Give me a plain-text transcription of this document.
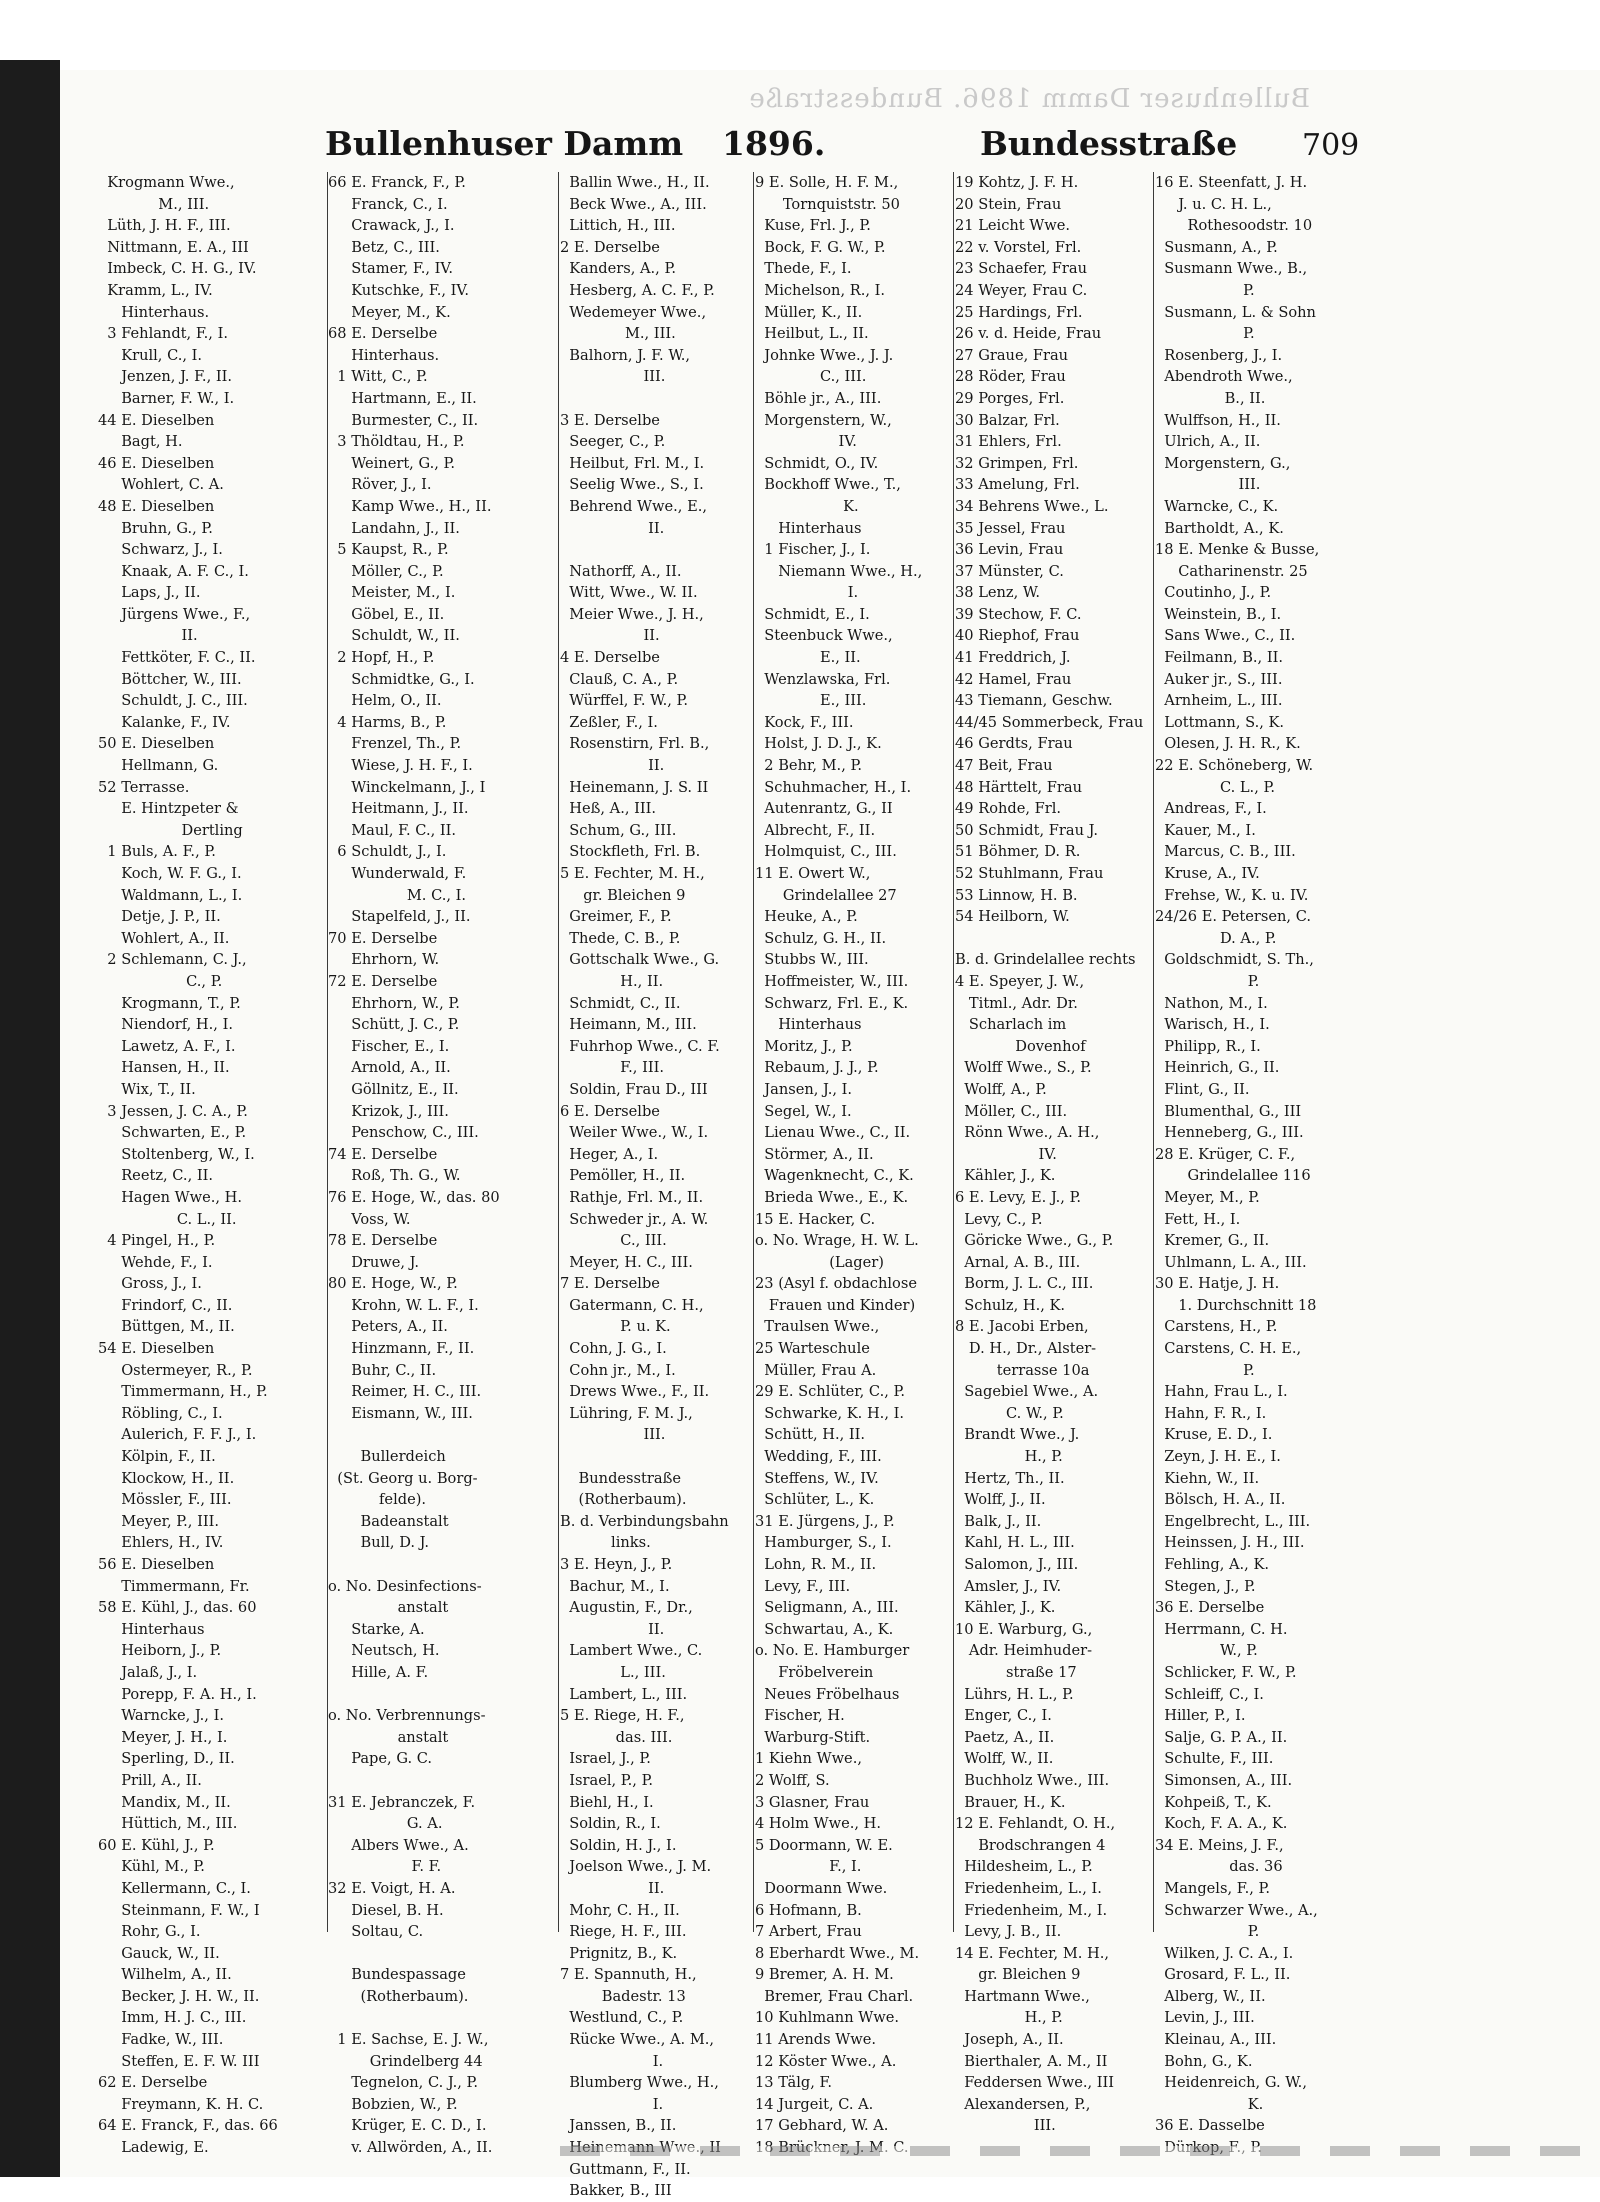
Bullenhuser Damm 1896. Bundesstraße
Bullenhuser Damm 1896.	Bundesstraße 709
Krogmann Wwe.,
M., III.
Lüth, J. H. F., III.
Nittmann, E. A., III
Imbeck, C. H. G., IV.
Kramm, L., IV.
Hinterhaus.
3 Fehlandt, F., I.
Krull, C., I.
Jenzen, J. F., II.
Barner, F. W., I.
44 E. Dieselben
Bagt, H.
46 E. Dieselben
Wohlert, C. A.
48 E. Dieselben
Bruhn, G., P.
Schwarz, J., I.
Knaak, A. F. C., I.
Laps, J., II.
Jürgens Wwe., F.,
II.
Fettköter, F. C., II.
Böttcher, W., III.
Schuldt, J. C., III.
Kalanke, F., IV.
50 E. Dieselben
Hellmann, G.
52 Terrasse.
E. Hintzpeter &
Dertling
1 Buls, A. F., P.
Koch, W. F. G., I.
Waldmann, L., I.
Detje, J. P., II.
Wohlert, A., II.
2 Schlemann, C. J.,
C., P.
Krogmann, T., P.
Niendorf, H., I.
Lawetz, A. F., I.
Hansen, H., II.
Wix, T., II.
3 Jessen, J. C. A., P.
Schwarten, E., P.
Stoltenberg, W., I.
Reetz, C., II.
Hagen Wwe., H.
C. L., II.
4 Pingel, H., P.
Wehde, F., I.
Gross, J., I.
Frindorf, C., II.
Büttgen, M., II.
54 E. Dieselben
Ostermeyer, R., P.
Timmermann, H., P.
Röbling, C., I.
Aulerich, F. F. J., I.
Kölpin, F., II.
Klockow, H., II.
Mössler, F., III.
Meyer, P., III.
Ehlers, H., IV.
56 E. Dieselben
Timmermann, Fr.
58 E. Kühl, J., das. 60
Hinterhaus
Heiborn, J., P.
Jalaß, J., I.
Porepp, F. A. H., I.
Warncke, J., I.
Meyer, J. H., I.
Sperling, D., II.
Prill, A., II.
Mandix, M., II.
Hüttich, M., III.
60 E. Kühl, J., P.
Kühl, M., P.
Kellermann, C., I.
Steinmann, F. W., I
Rohr, G., I.
Gauck, W., II.
Wilhelm, A., II.
Becker, J. H. W., II.
Imm, H. J. C., III.
Fadke, W., III.
Steffen, E. F. W. III
62 E. Derselbe
Freymann, K. H. C.
64 E. Franck, F., das. 66
Ladewig, E.
66 E. Franck, F., P.
Franck, C., I.
Crawack, J., I.
Betz, C., III.
Stamer, F., IV.
Kutschke, F., IV.
Meyer, M., K.
68 E. Derselbe
Hinterhaus.
1 Witt, C., P.
Hartmann, E., II.
Burmester, C., II.
3 Thöldtau, H., P.
Weinert, G., P.
Röver, J., I.
Kamp Wwe., H., II.
Landahn, J., II.
5 Kaupst, R., P.
Möller, C., P.
Meister, M., I.
Göbel, E., II.
Schuldt, W., II.
2 Hopf, H., P.
Schmidtke, G., I.
Helm, O., II.
4 Harms, B., P.
Frenzel, Th., P.
Wiese, J. H. F., I.
Winckelmann, J., I
Heitmann, J., II.
Maul, F. C., II.
6 Schuldt, J., I.
Wunderwald, F.
M. C., I.
Stapelfeld, J., II.
70 E. Derselbe
Ehrhorn, W.
72 E. Derselbe
Ehrhorn, W., P.
Schütt, J. C., P.
Fischer, E., I.
Arnold, A., II.
Göllnitz, E., II.
Krizok, J., III.
Penschow, C., III.
74 E. Derselbe
Roß, Th. G., W.
76 E. Hoge, W., das. 80
Voss, W.
78 E. Derselbe
Druwe, J.
80 E. Hoge, W., P.
Krohn, W. L. F., I.
Peters, A., II.
Hinzmann, F., II.
Buhr, C., II.
Reimer, H. C., III.
Eismann, W., III.
Bullerdeich
(St. Georg u. Borg-
felde).
Badeanstalt
Bull, D. J.
o. No. Desinfections-
anstalt
Starke, A.
Neutsch, H.
Hille, A. F.
o. No. Verbrennungs-
anstalt
Pape, G. C.
31 E. Jebranczek, F.
G. A.
Albers Wwe., A.
F. F.
32 E. Voigt, H. A.
Diesel, B. H.
Soltau, C.
Bundespassage
(Rotherbaum).
1 E. Sachse, E. J. W.,
Grindelberg 44
Tegnelon, C. J., P.
Bobzien, W., P.
Krüger, E. C. D., I.
v. Allwörden, A., II.
Ballin Wwe., H., II.
Beck Wwe., A., III.
Littich, H., III.
2 E. Derselbe
Kanders, A., P.
Hesberg, A. C. F., P.
Wedemeyer Wwe.,
M., III.
Balhorn, J. F. W.,
III.
3 E. Derselbe
Seeger, C., P.
Heilbut, Frl. M., I.
Seelig Wwe., S., I.
Behrend Wwe., E.,
II.
Nathorff, A., II.
Witt, Wwe., W. II.
Meier Wwe., J. H.,
II.
4 E. Derselbe
Clauß, C. A., P.
Würffel, F. W., P.
Zeßler, F., I.
Rosenstirn, Frl. B.,
II.
Heinemann, J. S. II
Heß, A., III.
Schum, G., III.
Stockfleth, Frl. B.
5 E. Fechter, M. H.,
gr. Bleichen 9
Greimer, F., P.
Thede, C. B., P.
Gottschalk Wwe., G.
H., II.
Schmidt, C., II.
Heimann, M., III.
Fuhrhop Wwe., C. F.
F., III.
Soldin, Frau D., III
6 E. Derselbe
Weiler Wwe., W., I.
Heger, A., I.
Pemöller, H., II.
Rathje, Frl. M., II.
Schweder jr., A. W.
C., III.
Meyer, H. C., III.
7 E. Derselbe
Gatermann, C. H.,
P. u. K.
Cohn, J. G., I.
Cohn jr., M., I.
Drews Wwe., F., II.
Lühring, F. M. J.,
III.
Bundesstraße
(Rotherbaum).
B. d. Verbindungsbahn
links.
3 E. Heyn, J., P.
Bachur, M., I.
Augustin, F., Dr.,
II.
Lambert Wwe., C.
L., III.
Lambert, L., III.
5 E. Riege, H. F.,
das. III.
Israel, J., P.
Israel, P., P.
Biehl, H., I.
Soldin, R., I.
Soldin, H. J., I.
Joelson Wwe., J. M.
II.
Mohr, C. H., II.
Riege, H. F., III.
Prignitz, B., K.
7 E. Spannuth, H.,
Badestr. 13
Westlund, C., P.
Rücke Wwe., A. M.,
I.
Blumberg Wwe., H.,
I.
Janssen, B., II.
Guttmann, F., II.
Bakker, B., III
9 E. Solle, H. F. M.,
Tornquiststr. 50
Kuse, Frl. J., P.
Bock, F. G. W., P.
Thede, F., I.
Michelson, R., I.
Müller, K., II.
Heilbut, L., II.
Johnke Wwe., J. J.
C., III.
Böhle jr., A., III.
Morgenstern, W.,
IV.
Schmidt, O., IV.
Bockhoff Wwe., T.,
K.
Hinterhaus
1 Fischer, J., I.
Niemann Wwe., H.,
I.
Schmidt, E., I.
Steenbuck Wwe.,
E., II.
Wenzlawska, Frl.
E., III.
Kock, F., III.
Holst, J. D. J., K.
2 Behr, M., P.
Schuhmacher, H., I.
Autenrantz, G., II
Albrecht, F., II.
Holmquist, C., III.
11 E. Owert W.,
Grindelallee 27
Heuke, A., P.
Schulz, G. H., II.
Stubbs W., III.
Hoffmeister, W., III.
Schwarz, Frl. E., K.
Hinterhaus
Moritz, J., P.
Rebaum, J. J., P.
Jansen, J., I.
Segel, W., I.
Lienau Wwe., C., II.
Störmer, A., II.
Wagenknecht, C., K.
Brieda Wwe., E., K.
15 E. Hacker, C.
o. No. Wrage, H. W. L.
(Lager)
23 (Asyl f. obdachlose
Frauen und Kinder)
Traulsen Wwe.,
25 Warteschule
Müller, Frau A.
29 E. Schlüter, C., P.
Schwarke, K. H., I.
Schütt, H., II.
Wedding, F., III.
Steffens, W., IV.
Schlüter, L., K.
31 E. Jürgens, J., P.
Hamburger, S., I.
Lohn, R. M., II.
Levy, F., III.
Seligmann, A., III.
Schwartau, A., K.
o. No. E. Hamburger
Fröbelverein
Neues Fröbelhaus
Fischer, H.
Warburg-Stift.
1 Kiehn Wwe.,
2 Wolff, S.
3 Glasner, Frau
4 Holm Wwe., H.
5 Doormann, W. E.
F., I.
Doormann Wwe.
6 Hofmann, B.
7 Arbert, Frau
8 Eberhardt Wwe., M.
9 Bremer, A. H. M.
Bremer, Frau Charl.
10 Kuhlmann Wwe.
11 Arends Wwe.
12 Köster Wwe., A.
13 Tälg, F.
14 Jurgeit, C. A.
17 Gebhard, W. A.
19 Kohtz, J. F. H.
20 Stein, Frau
21 Leicht Wwe.
22 v. Vorstel, Frl.
23 Schaefer, Frau
24 Weyer, Frau C.
25 Hardings, Frl.
26 v. d. Heide, Frau
27 Graue, Frau
28 Röder, Frau
29 Porges, Frl.
30 Balzar, Frl.
31 Ehlers, Frl.
32 Grimpen, Frl.
33 Amelung, Frl.
34 Behrens Wwe., L.
35 Jessel, Frau
36 Levin, Frau
37 Münster, C.
38 Lenz, W.
39 Stechow, F. C.
40 Riephof, Frau
41 Freddrich, J.
42 Hamel, Frau
43 Tiemann, Geschw.
44/45 Sommerbeck, Frau
46 Gerdts, Frau
47 Beit, Frau
48 Härttelt, Frau
49 Rohde, Frl.
50 Schmidt, Frau J.
51 Böhmer, D. R.
52 Stuhlmann, Frau
53 Linnow, H. B.
54 Heilborn, W.
B. d. Grindelallee rechts
4 E. Speyer, J. W.,
Titml., Adr. Dr.
Scharlach im
Dovenhof
Wolff Wwe., S., P.
Wolff, A., P.
Möller, C., III.
Rönn Wwe., A. H.,
IV.
Kähler, J., K.
6 E. Levy, E. J., P.
Levy, C., P.
Göricke Wwe., G., P.
Arnal, A. B., III.
Borm, J. L. C., III.
Schulz, H., K.
8 E. Jacobi Erben,
D. H., Dr., Alster-
terrasse 10a
Sagebiel Wwe., A.
C. W., P.
Brandt Wwe., J.
H., P.
Hertz, Th., II.
Wolff, J., II.
Balk, J., II.
Kahl, H. L., III.
Salomon, J., III.
Amsler, J., IV.
Kähler, J., K.
10 E. Warburg, G.,
Adr. Heimhuder-
straße 17
Lührs, H. L., P.
Enger, C., I.
Paetz, A., II.
Wolff, W., II.
Buchholz Wwe., III.
Brauer, H., K.
12 E. Fehlandt, O. H.,
Brodschrangen 4
Hildesheim, L., P.
Friedenheim, L., I.
Friedenheim, M., I.
Levy, J. B., II.
14 E. Fechter, M. H.,
gr. Bleichen 9
Hartmann Wwe.,
H., P.
Joseph, A., II.
Bierthaler, A. M., II
Feddersen Wwe., III
Alexandersen, P.,
III.
16 E. Steenfatt, J. H.
J. u. C. H. L.,
Rothesoodstr. 10
Susmann, A., P.
Susmann Wwe., B.,
P.
Susmann, L. & Sohn
P.
Rosenberg, J., I.
Abendroth Wwe.,
B., II.
Wulffson, H., II.
Ulrich, A., II.
Morgenstern, G.,
III.
Warncke, C., K.
Bartholdt, A., K.
18 E. Menke & Busse,
Catharinenstr. 25
Coutinho, J., P.
Weinstein, B., I.
Sans Wwe., C., II.
Feilmann, B., II.
Auker jr., S., III.
Arnheim, L., III.
Lottmann, S., K.
Olesen, J. H. R., K.
22 E. Schöneberg, W.
C. L., P.
Andreas, F., I.
Kauer, M., I.
Marcus, C. B., III.
Kruse, A., IV.
Frehse, W., K. u. IV.
24/26 E. Petersen, C.
D. A., P.
Goldschmidt, S. Th.,
P.
Nathon, M., I.
Warisch, H., I.
Philipp, R., I.
Heinrich, G., II.
Flint, G., II.
Blumenthal, G., III
Henneberg, G., III.
28 E. Krüger, C. F.,
Grindelallee 116
Meyer, M., P.
Fett, H., I.
Kremer, G., II.
Uhlmann, L. A., III.
30 E. Hatje, J. H.
1. Durchschnitt 18
Carstens, H., P.
Carstens, C. H. E.,
P.
Hahn, Frau L., I.
Hahn, F. R., I.
Kruse, E. D., I.
Zeyn, J. H. E., I.
Kiehn, W., II.
Bölsch, H. A., II.
Engelbrecht, L., III.
Heinssen, J. H., III.
Fehling, A., K.
Stegen, J., P.
36 E. Derselbe
Herrmann, C. H.
W., P.
Schlicker, F. W., P.
Schleiff, C., I.
Hiller, P., I.
Salje, G. P. A., II.
Schulte, F., III.
Simonsen, A., III.
Kohpeiß, T., K.
Koch, F. A. A., K.
34 E. Meins, J. F.,
das. 36
Mangels, F., P.
Schwarzer Wwe., A.,
P.
Wilken, J. C. A., I.
Grosard, F. L., II.
Alberg, W., II.
Levin, J., III.
Kleinau, A., III.
Bohn, G., K.
Heidenreich, G. W.,
K.
36 E. Dasselbe
